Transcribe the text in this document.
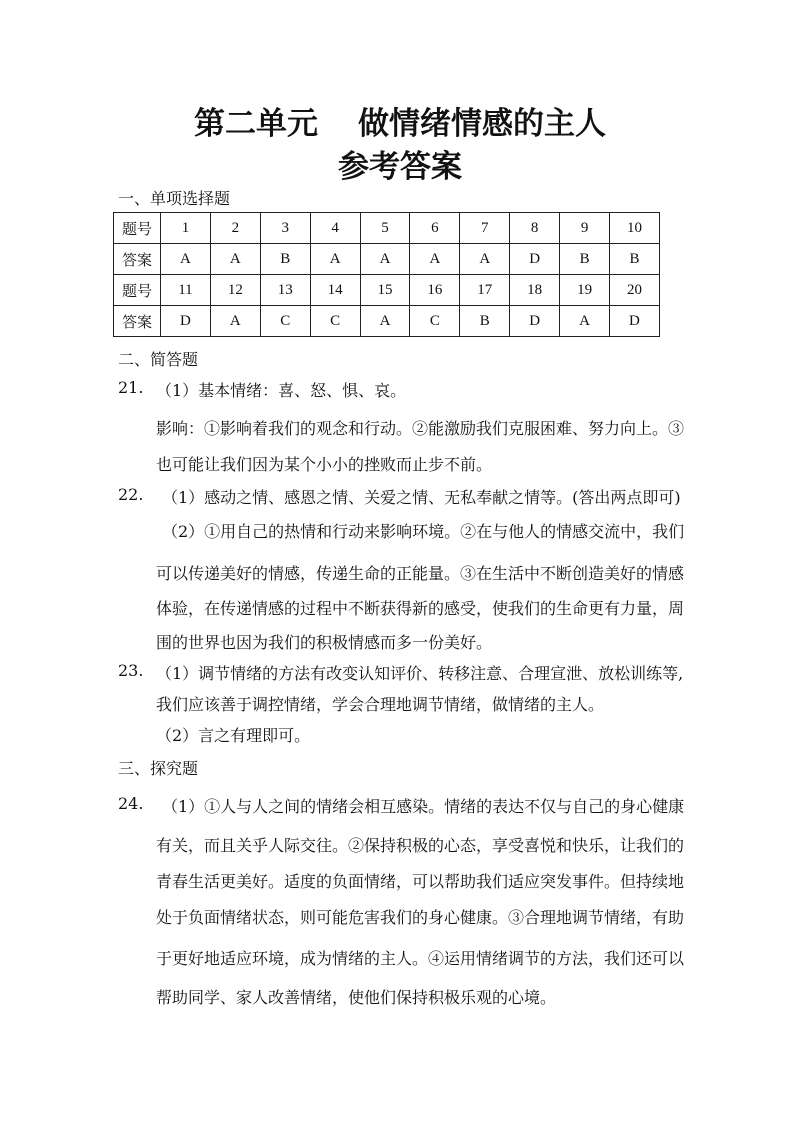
第二单元 做情绪情感的主人
参考答案
一、单项选择题
题号	1	2	3	4	5	6	7	8	9	10
答案	A	A	B	A	A	A	A	D	B	B
题号	11	12	13	14	15	16	17	18	19	20
答案	D	A	C	C	A	C	B	D	A	D
二、简答题
21. （1）基本情绪：喜、怒、惧、哀。
影响：①影响着我们的观念和行动。②能激励我们克服困难、努力向上。③
也可能让我们因为某个小小的挫败而止步不前。
22. （1）感动之情、感恩之情、关爱之情、无私奉献之情等。(答出两点即可)
（2）①用自己的热情和行动来影响环境。②在与他人的情感交流中，我们
可以传递美好的情感，传递生命的正能量。③在生活中不断创造美好的情感
体验，在传递情感的过程中不断获得新的感受，使我们的生命更有力量，周
围的世界也因为我们的积极情感而多一份美好。
23. （1）调节情绪的方法有改变认知评价、转移注意、合理宣泄、放松训练等,
我们应该善于调控情绪，学会合理地调节情绪，做情绪的主人。
（2）言之有理即可。
三、探究题
24. （1）①人与人之间的情绪会相互感染。情绪的表达不仅与自己的身心健康
有关，而且关乎人际交往。②保持积极的心态，享受喜悦和快乐，让我们的
青春生活更美好。适度的负面情绪，可以帮助我们适应突发事件。但持续地
处于负面情绪状态，则可能危害我们的身心健康。③合理地调节情绪，有助
于更好地适应环境，成为情绪的主人。④运用情绪调节的方法，我们还可以
帮助同学、家人改善情绪，使他们保持积极乐观的心境。
